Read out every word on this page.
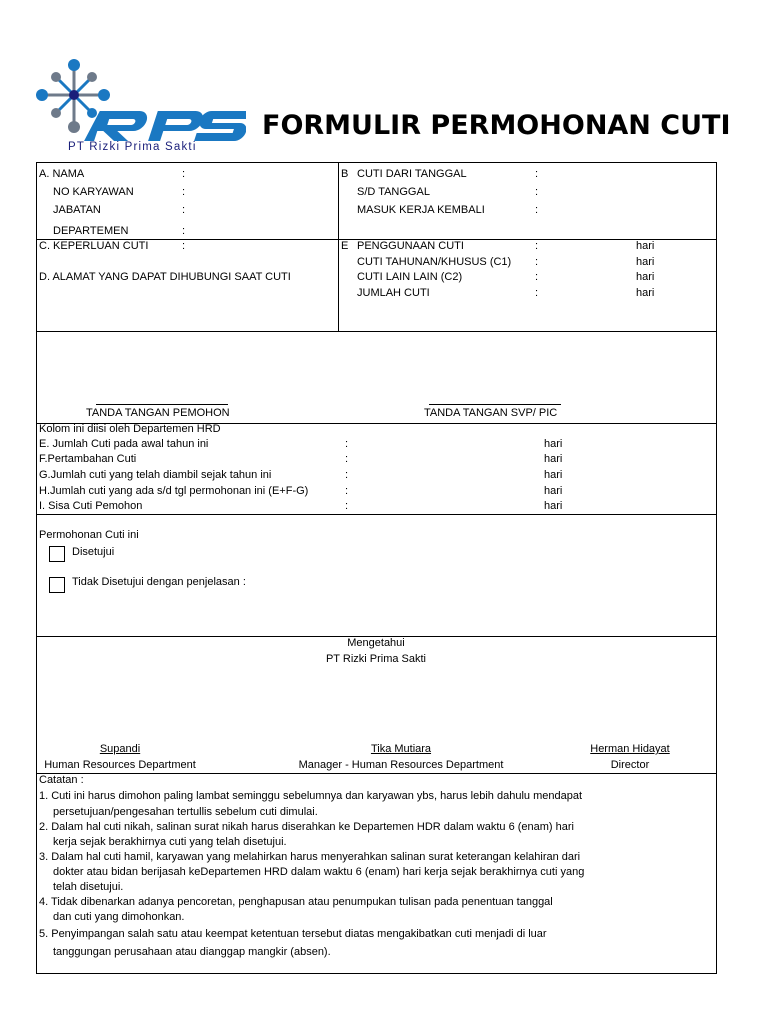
PT Rizki Prima Sakti
FORMULIR PERMOHONAN CUTI
A. NAMA
NO KARYAWAN
JABATAN
DEPARTEMEN
:
:
:
:
B CUTI DARI TANGGAL
S/D TANGGAL
MASUK KERJA KEMBALI
:
:
:
C. KEPERLUAN CUTI	:
D. ALAMAT YANG DAPAT DIHUBUNGI SAAT CUTI
E PENGGUNAAN CUTI
CUTI TAHUNAN/KHUSUS (C1)
CUTI LAIN LAIN (C2)
JUMLAH CUTI
:
:
:
:
hari
hari
hari
hari
TANDA TANGAN PEMOHON	TANDA TANGAN SVP/ PIC
Kolom ini diisi oleh Departemen HRD
E. Jumlah Cuti pada awal tahun ini
F.Pertambahan Cuti
G.Jumlah cuti yang telah diambil sejak tahun ini
H.Jumlah cuti yang ada s/d tgl permohonan ini (E+F-G)
I. Sisa Cuti Pemohon
:
:
:
:
:
hari
hari
hari
hari
hari
Permohonan Cuti ini
Disetujui
Tidak Disetujui dengan penjelasan :
Mengetahui
PT Rizki Prima Sakti
Supandi
Human Resources Department
Tika Mutiara
Manager - Human Resources Department
Herman Hidayat
Director
Catatan :
1. Cuti ini harus dimohon paling lambat seminggu sebelumnya dan karyawan ybs, harus lebih dahulu mendapat
persetujuan/pengesahan tertullis sebelum cuti dimulai.
2. Dalam hal cuti nikah, salinan surat nikah harus diserahkan ke Departemen HDR dalam waktu 6 (enam) hari
kerja sejak berakhirnya cuti yang telah disetujui.
3. Dalam hal cuti hamil, karyawan yang melahirkan harus menyerahkan salinan surat keterangan kelahiran dari
dokter atau bidan berijasah keDepartemen HRD dalam waktu 6 (enam) hari kerja sejak berakhirnya cuti yang
telah disetujui.
4. Tidak dibenarkan adanya pencoretan, penghapusan atau penumpukan tulisan pada penentuan tanggal
dan cuti yang dimohonkan.
5. Penyimpangan salah satu atau keempat ketentuan tersebut diatas mengakibatkan cuti menjadi di luar
tanggungan perusahaan atau dianggap mangkir (absen).
